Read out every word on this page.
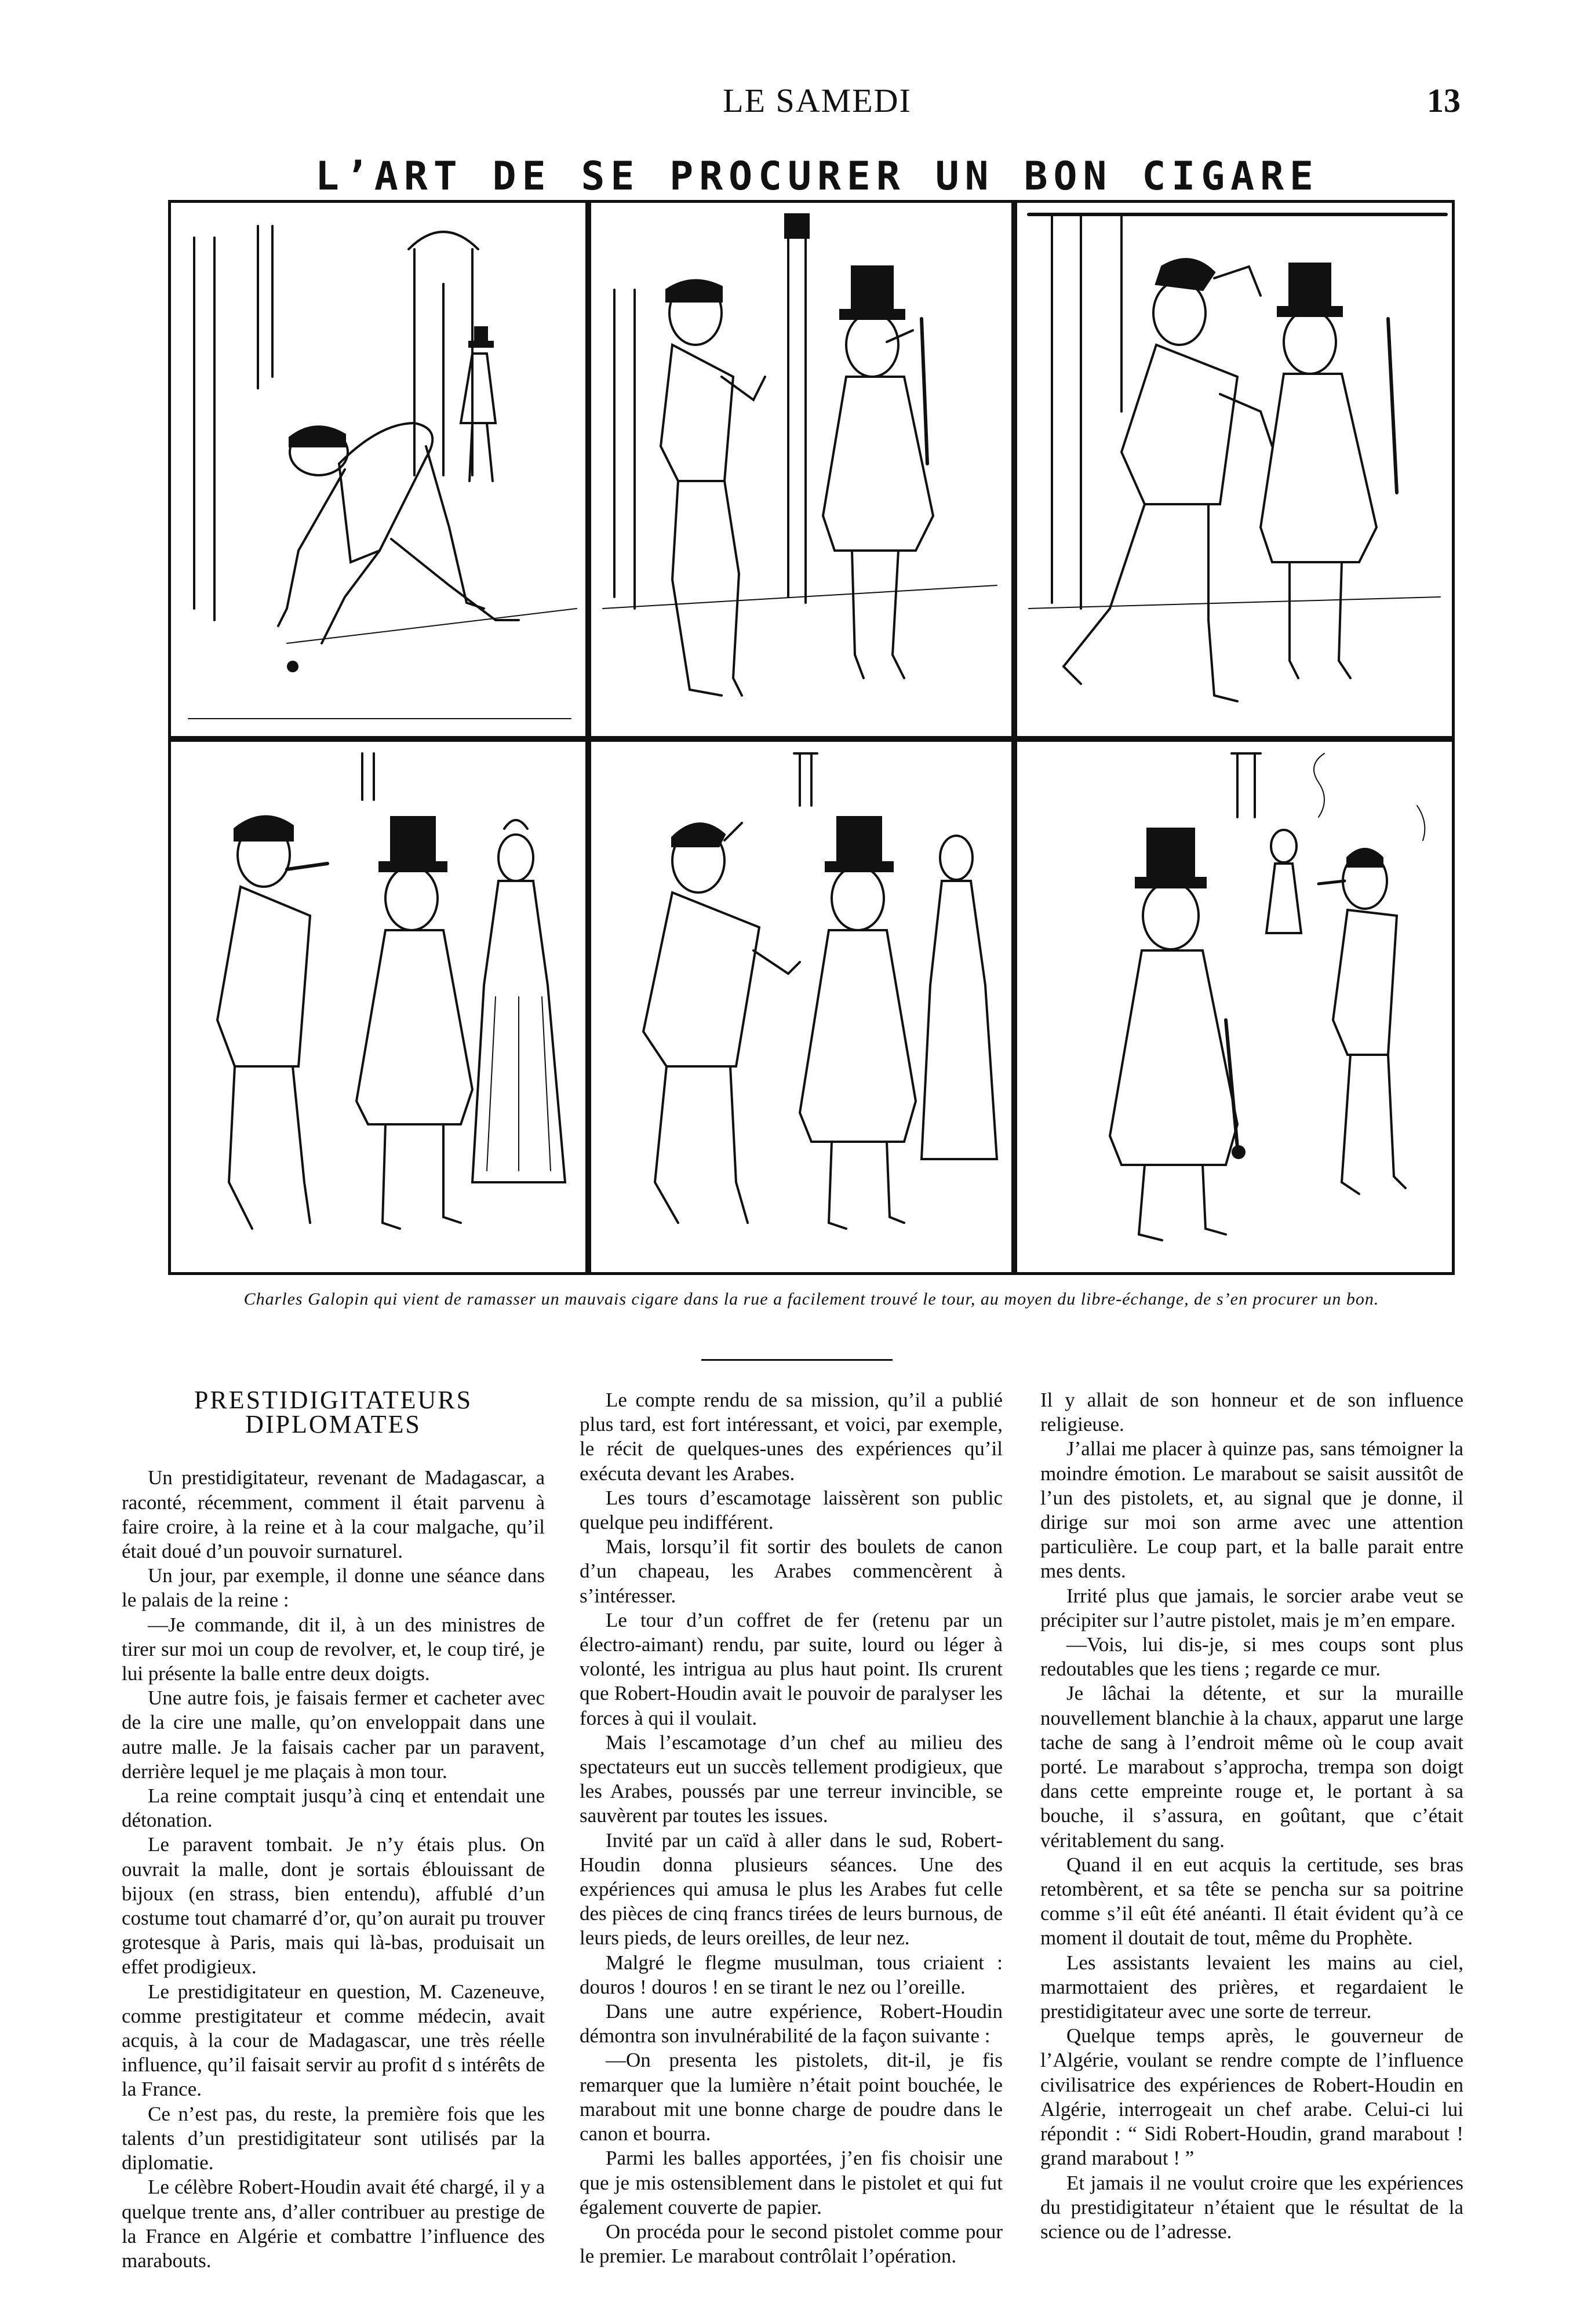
LE SAMEDI	13
L’ART DE SE PROCURER UN BON CIGARE
Charles Galopin qui vient de ramasser un mauvais cigare dans la rue a facilement trouvé le tour, au moyen du libre-échange, de s’en procurer un bon.
PRESTIDIGITATEURS DIPLOMATES

Un prestidigitateur, revenant de Madagascar, a raconté, récemment, comment il était parvenu à faire croire, à la reine et à la cour malgache, qu’il était doué d’un pouvoir surnaturel.

Un jour, par exemple, il donne une séance dans le palais de la reine :

—Je commande, dit il, à un des ministres de tirer sur moi un coup de revolver, et, le coup tiré, je lui présente la balle entre deux doigts.

Une autre fois, je faisais fermer et cacheter avec de la cire une malle, qu’on enveloppait dans une autre malle. Je la faisais cacher par un paravent, derrière lequel je me plaçais à mon tour.

La reine comptait jusqu’à cinq et entendait une détonation.

Le paravent tombait. Je n’y étais plus. On ouvrait la malle, dont je sortais éblouissant de bijoux (en strass, bien entendu), affublé d’un costume tout chamarré d’or, qu’on aurait pu trouver grotesque à Paris, mais qui là-bas, produisait un effet prodigieux.

Le prestidigitateur en question, M. Cazeneuve, comme prestigitateur et comme médecin, avait acquis, à la cour de Madagascar, une très réelle influence, qu’il faisait servir au profit d s intérêts de la France.

Ce n’est pas, du reste, la première fois que les talents d’un prestidigitateur sont utilisés par la diplomatie.

Le célèbre Robert-Houdin avait été chargé, il y a quelque trente ans, d’aller contribuer au prestige de la France en Algérie et combattre l’influence des marabouts.

Le compte rendu de sa mission, qu’il a publié plus tard, est fort intéressant, et voici, par exemple, le récit de quelques-unes des expériences qu’il exécuta devant les Arabes.

Les tours d’escamotage laissèrent son public quelque peu indifférent.

Mais, lorsqu’il fit sortir des boulets de canon d’un chapeau, les Arabes commencèrent à s’intéresser.

Le tour d’un coffret de fer (retenu par un électro-aimant) rendu, par suite, lourd ou léger à volonté, les intrigua au plus haut point. Ils crurent que Robert-Houdin avait le pouvoir de paralyser les forces à qui il voulait.

Mais l’escamotage d’un chef au milieu des spectateurs eut un succès tellement prodigieux, que les Arabes, poussés par une terreur invincible, se sauvèrent par toutes les issues.

Invité par un caïd à aller dans le sud, Robert-Houdin donna plusieurs séances. Une des expériences qui amusa le plus les Arabes fut celle des pièces de cinq francs tirées de leurs burnous, de leurs pieds, de leurs oreilles, de leur nez.

Malgré le flegme musulman, tous criaient : douros ! douros ! en se tirant le nez ou l’oreille.

Dans une autre expérience, Robert-Houdin démontra son invulnérabilité de la façon suivante :

—On presenta les pistolets, dit-il, je fis remarquer que la lumière n’était point bouchée, le marabout mit une bonne charge de poudre dans le canon et bourra.

Parmi les balles apportées, j’en fis choisir une que je mis ostensiblement dans le pistolet et qui fut également couverte de papier.

On procéda pour le second pistolet comme pour le premier. Le marabout contrôlait l’opération.

Il y allait de son honneur et de son influence religieuse.

J’allai me placer à quinze pas, sans témoigner la moindre émotion. Le marabout se saisit aussitôt de l’un des pistolets, et, au signal que je donne, il dirige sur moi son arme avec une attention particulière. Le coup part, et la balle parait entre mes dents.

Irrité plus que jamais, le sorcier arabe veut se précipiter sur l’autre pistolet, mais je m’en empare.

—Vois, lui dis-je, si mes coups sont plus redoutables que les tiens ; regarde ce mur.

Je lâchai la détente, et sur la muraille nouvellement blanchie à la chaux, apparut une large tache de sang à l’endroit même où le coup avait porté. Le marabout s’approcha, trempa son doigt dans cette empreinte rouge et, le portant à sa bouche, il s’assura, en goûtant, que c’était véritablement du sang.

Quand il en eut acquis la certitude, ses bras retombèrent, et sa tête se pencha sur sa poitrine comme s’il eût été anéanti. Il était évident qu’à ce moment il doutait de tout, même du Prophète.

Les assistants levaient les mains au ciel, marmottaient des prières, et regardaient le prestidigitateur avec une sorte de terreur.

Quelque temps après, le gouverneur de l’Algérie, voulant se rendre compte de l’influence civilisatrice des expériences de Robert-Houdin en Algérie, interrogeait un chef arabe. Celui-ci lui répondit : “ Sidi Robert-Houdin, grand marabout ! grand marabout ! ”

Et jamais il ne voulut croire que les expériences du prestidigitateur n’étaient que le résultat de la science ou de l’adresse.
